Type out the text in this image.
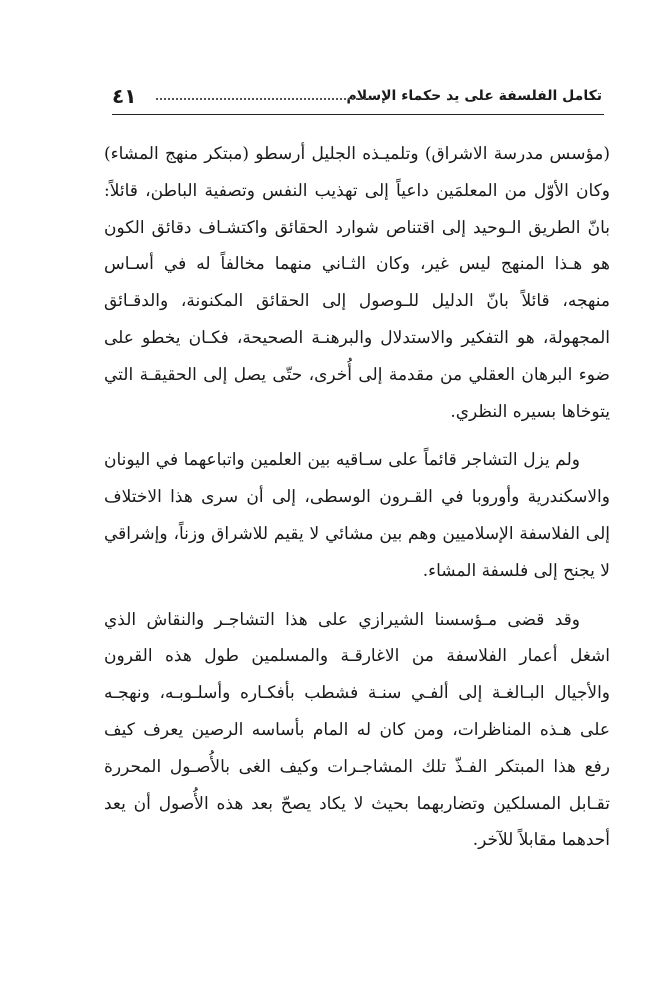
تكامل الفلسفة على يد حكماء الإسلام
٤١

(مؤسس مدرسة الاشراق) وتلميـذه الجليل أرسطو (مبتكر منهج المشاء) وكان الأوّل من المعلمَين داعياً إلى تهذيب النفس وتصفية الباطن، قائلاً: بانّ الطريق الـوحيد إلى اقتناص شوارد الحقائق واكتشـاف دقائق الكون هو هـذا المنهج ليس غير، وكان الثـاني منهما مخالفاً له في أسـاس منهجه، قائلاً بانّ الدليل للـوصول إلى الحقائق المكنونة، والدقـائق المجهولة، هو التفكير والاستدلال والبرهنـة الصحيحة، فكـان يخطو على ضوء البرهان العقلي من مقدمة إلى أُخرى، حتّى يصل إلى الحقيقـة التي يتوخاها بسيره النظري.

ولم يزل التشاجر قائماً على سـاقيه بين العلمين واتباعهما في اليونان والاسكندرية وأوروبا في القـرون الوسطى، إلى أن سرى هذا الاختلاف إلى الفلاسفة الإسلاميين وهم بين مشائي لا يقيم للاشراق وزناً، وإشراقي لا يجنح إلى فلسفة المشاء.

وقد قضى مـؤسسنا الشيرازي على هذا التشاجـر والنقاش الذي اشغل أعمار الفلاسفة من الاغارقـة والمسلمين طول هذه القرون والأجيال البـالغـة إلى ألفـي سنـة فشطب بأفكـاره وأسلـوبـه، ونهجـه على هـذه المناظرات، ومن كان له المام بأساسه الرصين يعرف كيف رفع هذا المبتكر الفـذّ تلك المشاجـرات وكيف الغى بالأُصـول المحررة تقـابل المسلكين وتضاربهما بحيث لا يكاد يصحّ بعد هذه الأُصول أن يعد أحدهما مقابلاً للآخر.
